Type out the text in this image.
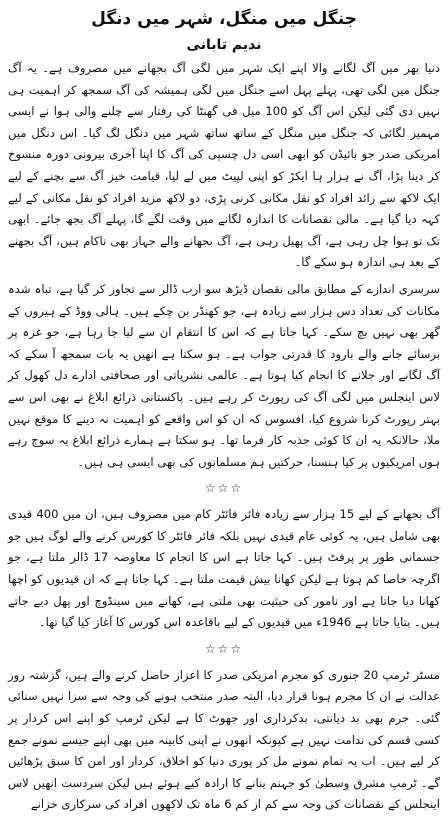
جنگل میں منگل، شہر میں دنگل
ندیم تابانی

دنیا بھر میں آگ لگانے والا اپنے ایک شہر میں لگی آگ بجھانے میں مصروف ہے۔ یہ آگ جنگل میں لگی تھی، پہلے پہل اسے جنگل میں لگی ہمیشہ کی آگ سمجھ کر اہمیت ہی نہیں دی گئی لیکن اس آگ کو 100 میل فی گھنٹا کی رفتار سے چلنے والی ہوا نے ایسی مہمیز لگائی کہ جنگل میں منگل کے ساتھ ساتھ شہر میں دنگل لگ گیا۔ اس دنگل میں امریکی صدر جو بائیڈن کو ابھی اسی دل چسپی کی آگ کا اپنا آخری بیرونی دورہ منسوخ کر دینا پڑا، آگ نے ہزار ہا ایکڑ کو اپنی لپیٹ میں لے لیا، قیامت خیز آگ سے بچنے کے لیے ایک لاکھ سے زائد افراد کو نقل مکانی کرنی پڑی، دو لاکھ مزید افراد کو نقل مکانی کے لیے کہہ دیا گیا ہے۔ مالی نقصانات کا اندازہ لگانے میں وقت لگے گا، پہلے آگ بجھ جائے۔ ابھی تک تو ہوا چل رہی ہے، آگ پھیل رہی ہے، آگ بجھانے والے جہاز بھی ناکام ہیں، آگ بجھنے کے بعد ہی اندازہ ہو سکے گا۔

سرسری اندازے کے مطابق مالی نقصان ڈیڑھ سو ارب ڈالر سے تجاوز کر گیا ہے، تباہ شدہ مکانات کی تعداد دس ہزار سے زیادہ ہے، جو کھنڈر بن چکے ہیں۔ ہالی ووڈ کے ہیروں کے گھر بھی نہیں بچ سکے۔ کہا جاتا ہے کہ اس کا انتقام ان سے لیا جا رہا ہے، جو غزہ پر برسائے جانے والے بارود کا قدرتی جواب ہے۔ ہو سکتا ہے انھیں یہ بات سمجھ آ سکے کہ آگ لگانے اور جلانے کا انجام کیا ہوتا ہے۔ عالمی نشریاتی اور صحافتی ادارے دل کھول کر لاس اینجلس میں لگی آگ کی رپورٹ کر رہے ہیں۔ پاکستانی ذرائع ابلاغ نے بھی اس سے بہتر رپورٹ کرنا شروع کیا، افسوس کہ ان کو اس واقعے کو اہمیت نہ دینے کا موقع نہیں ملا، حالانکہ یہ ان کا کوئی جذبہ کار فرما تھا۔ ہو سکتا ہے ہمارے ذرائع ابلاغ یہ سوچ رہے ہوں امریکیوں پر کیا ہنسنا، حرکتیں ہم مسلمانوں کی بھی ایسی ہی ہیں۔

☆☆☆

آگ بجھانے کے لیے 15 ہزار سے زیادہ فائر فائٹر کام میں مصروف ہیں، ان میں 400 قیدی بھی شامل ہیں، یہ کوئی عام قیدی نہیں بلکہ فائر فائٹر کا کورس کرنے والے لوگ ہیں جو جسمانی طور پر پرفٹ ہیں۔ کہا جاتا ہے اس کا انجام کا معاوضہ 17 ڈالر ملتا ہے، جو اگرچہ خاصا کم ہوتا ہے لیکن کھانا بیش قیمت ملتا ہے۔ کہا جاتا ہے کہ ان قیدیوں کو اچھا کھانا دیا جاتا ہے اور نامور کی حیثیت بھی ملتی ہے، کھانے میں سینڈوچ اور پھل دیے جاتے ہیں۔ بتایا جاتا ہے 1946ء میں قیدیوں کے لیے باقاعدہ اس کورس کا آغاز کیا گیا تھا۔

☆☆☆

مسٹر ٹرمپ 20 جنوری کو مجرم امریکی صدر کا اعزاز حاصل کرنے والے ہیں، گزشتہ روز عدالت نے ان کا مجرم ہونا قرار دیا، البتہ صدر منتخب ہونے کی وجہ سے سزا نہیں سنائی گئی۔ جرم بھی بد دیانتی، بدکرداری اور جھوٹ کا ہے لیکن ٹرمپ کو اپنے اس کردار پر کسی قسم کی ندامت نہیں ہے کیونکہ انھوں نے اپنی کابینہ میں بھی اپنے جیسے نمونے جمع کر لیے ہیں۔ اب یہ تمام نمونے مل کر پوری دنیا کو اخلاق، کردار اور امن کا سبق پڑھائیں گے۔ ٹرمپ مشرق وسطیٰ کو جہنم بنانے کا ارادہ کیے ہوئے ہیں لیکن سردست انھیں لاس اینجلس کے نقصانات کی وجہ سے کم از کم 6 ماہ تک لاکھوں افراد کی سرکاری خزانے
